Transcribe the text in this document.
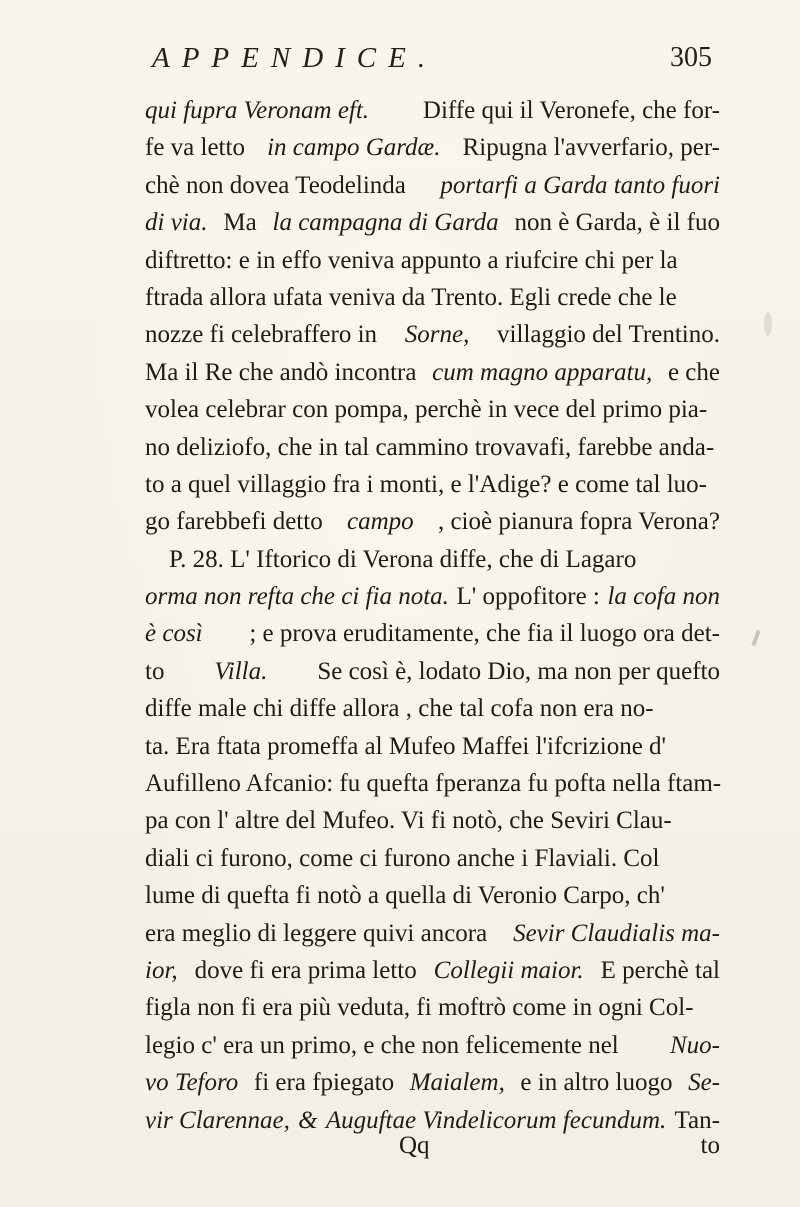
APPENDICE.	305
qui fupra Veronam eft. Diffe qui il Veronefe, che for-
fe va letto in campo Gardæ. Ripugna l'avverfario, per-
chè non dovea Teodelinda portarfi a Garda tanto fuori
di via. Ma la campagna di Garda non è Garda, è il fuo
diftretto: e in effo veniva appunto a riufcire chi per la
ftrada allora ufata veniva da Trento. Egli crede che le
nozze fi celebraffero in Sorne, villaggio del Trentino.
Ma il Re che andò incontra cum magno apparatu, e che
volea celebrar con pompa, perchè in vece del primo pia-
no deliziofo, che in tal cammino trovavafi, farebbe anda-
to a quel villaggio fra i monti, e l'Adige? e come tal luo-
go farebbefi detto campo , cioè pianura fopra Verona?
P. 28. L' Iftorico di Verona diffe, che di Lagaro
orma non refta che ci fia nota. L' oppofitore : la cofa non
è così ; e prova eruditamente, che fia il luogo ora det-
to Villa. Se così è, lodato Dio, ma non per quefto
diffe male chi diffe allora , che tal cofa non era no-
ta. Era ftata promeffa al Mufeo Maffei l'ifcrizione d'
Aufilleno Afcanio: fu quefta fperanza fu pofta nella ftam-
pa con l' altre del Mufeo. Vi fi notò, che Seviri Clau-
diali ci furono, come ci furono anche i Flaviali. Col
lume di quefta fi notò a quella di Veronio Carpo, ch'
era meglio di leggere quivi ancora Sevir Claudialis ma-
ior, dove fi era prima letto Collegii maior. E perchè tal
figla non fi era più veduta, fi moftrò come in ogni Col-
legio c' era un primo, e che non felicemente nel Nuo-
vo Teforo fi era fpiegato Maialem, e in altro luogo Se-
vir Clarennae, & Auguftae Vindelicorum fecundum. Tan-
Qq	to
